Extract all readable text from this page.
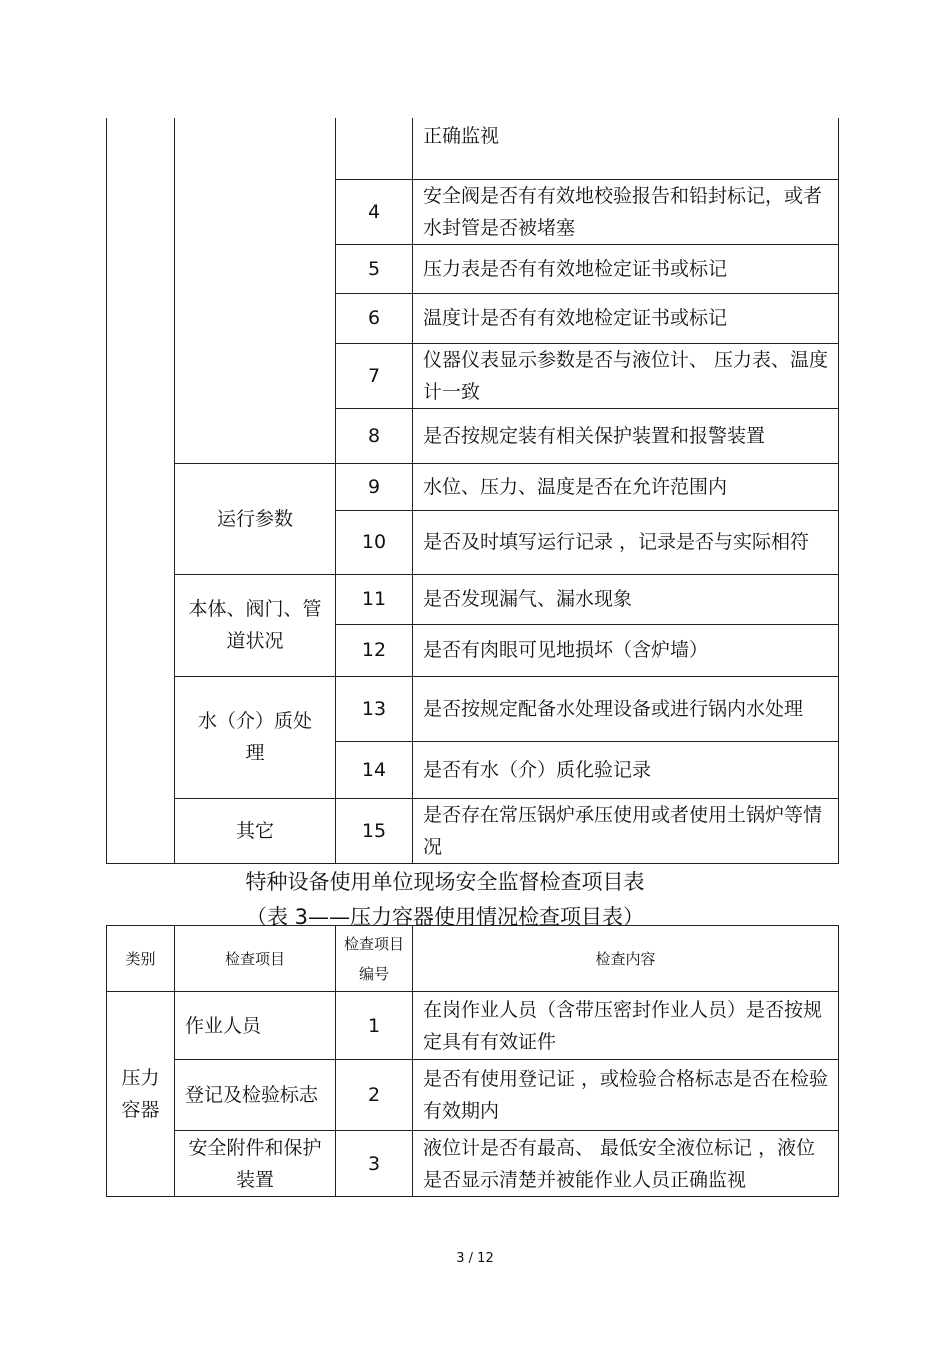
			正确监视
		4	安全阀是否有有效地校验报告和铅封标记，或者水封管是否被堵塞
		5	压力表是否有有效地检定证书或标记
		6	温度计是否有有效地检定证书或标记
		7	仪器仪表显示参数是否与液位计、 压力表、温度计一致
		8	是否按规定装有相关保护装置和报警装置
	运行参数	9	水位、压力、温度是否在允许范围内
		10	是否及时填写运行记录 ，记录是否与实际相符
	本体、阀门、管道状况	11	是否发现漏气、漏水现象
		12	是否有肉眼可见地损坏（含炉墙）
	水（介）质处理	13	是否按规定配备水处理设备或进行锅内水处理
		14	是否有水（介）质化验记录
	其它	15	是否存在常压锅炉承压使用或者使用土锅炉等情况
特种设备使用单位现场安全监督检查项目表
（表 3——压力容器使用情况检查项目表）
类别	检查项目	检查项目编号	检查内容
压力容器	作业人员	1	在岗作业人员（含带压密封作业人员）是否按规定具有有效证件
	登记及检验标志	2	是否有使用登记证 ，或检验合格标志是否在检验有效期内
	安全附件和保护装置	3	液位计是否有最高、 最低安全液位标记 ，液位是否显示清楚并被能作业人员正确监视
3 / 12
